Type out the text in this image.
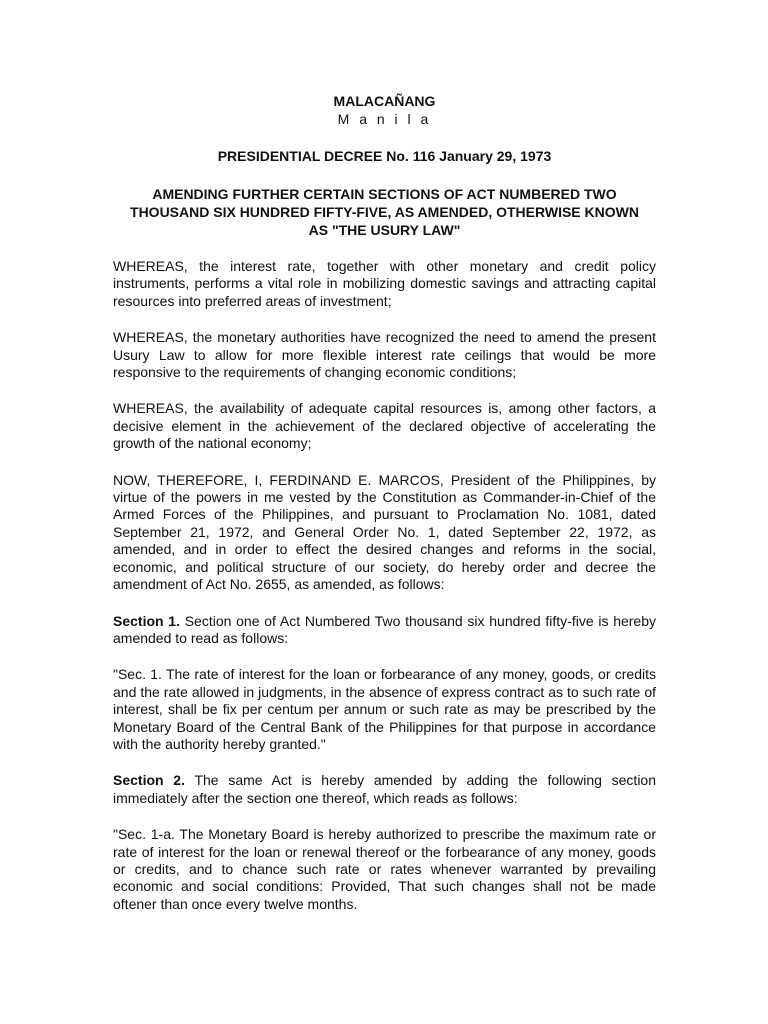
MALACAÑANG

M a n i l a

PRESIDENTIAL DECREE No. 116 January 29, 1973
AMENDING FURTHER CERTAIN SECTIONS OF ACT NUMBERED TWO THOUSAND SIX HUNDRED FIFTY-FIVE, AS AMENDED, OTHERWISE KNOWN AS "THE USURY LAW"
WHEREAS, the interest rate, together with other monetary and credit policy instruments, performs a vital role in mobilizing domestic savings and attracting capital resources into preferred areas of investment;
WHEREAS, the monetary authorities have recognized the need to amend the present Usury Law to allow for more flexible interest rate ceilings that would be more responsive to the requirements of changing economic conditions;
WHEREAS, the availability of adequate capital resources is, among other factors, a decisive element in the achievement of the declared objective of accelerating the growth of the national economy;
NOW, THEREFORE, I, FERDINAND E. MARCOS, President of the Philippines, by virtue of the powers in me vested by the Constitution as Commander-in-Chief of the Armed Forces of the Philippines, and pursuant to Proclamation No. 1081, dated September 21, 1972, and General Order No. 1, dated September 22, 1972, as amended, and in order to effect the desired changes and reforms in the social, economic, and political structure of our society, do hereby order and decree the amendment of Act No. 2655, as amended, as follows:
Section 1. Section one of Act Numbered Two thousand six hundred fifty-five is hereby amended to read as follows:
"Sec. 1. The rate of interest for the loan or forbearance of any money, goods, or credits and the rate allowed in judgments, in the absence of express contract as to such rate of interest, shall be fix per centum per annum or such rate as may be prescribed by the Monetary Board of the Central Bank of the Philippines for that purpose in accordance with the authority hereby granted."
Section 2. The same Act is hereby amended by adding the following section immediately after the section one thereof, which reads as follows:
"Sec. 1-a. The Monetary Board is hereby authorized to prescribe the maximum rate or rate of interest for the loan or renewal thereof or the forbearance of any money, goods or credits, and to chance such rate or rates whenever warranted by prevailing economic and social conditions: Provided, That such changes shall not be made oftener than once every twelve months.
